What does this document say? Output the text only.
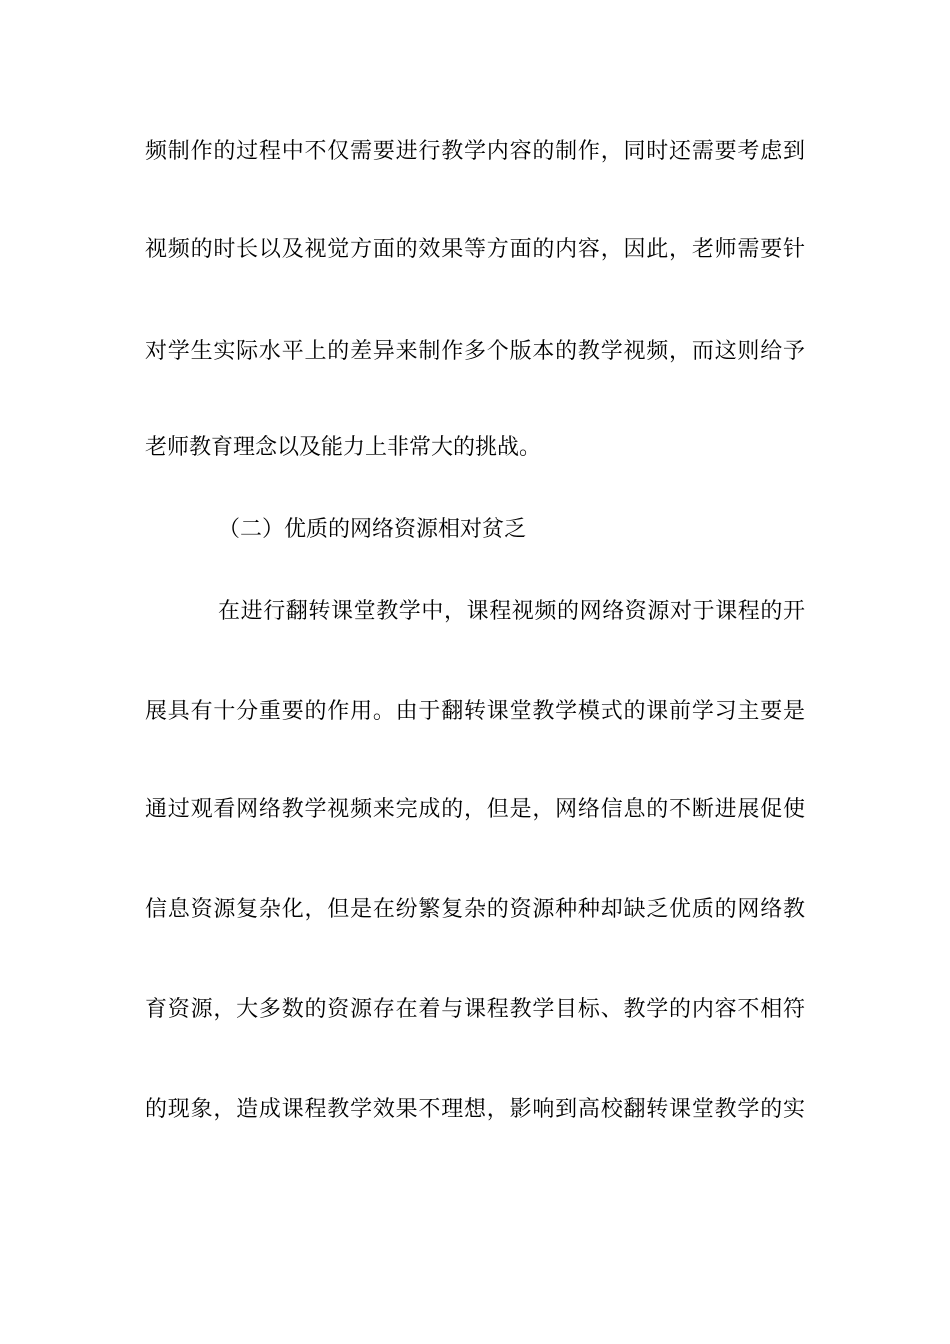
频制作的过程中不仅需要进行教学内容的制作，同时还需要考虑到
视频的时长以及视觉方面的效果等方面的内容，因此，老师需要针
对学生实际水平上的差异来制作多个版本的教学视频，而这则给予
老师教育理念以及能力上非常大的挑战。
（二）优质的网络资源相对贫乏
在进行翻转课堂教学中，课程视频的网络资源对于课程的开
展具有十分重要的作用。由于翻转课堂教学模式的课前学习主要是
通过观看网络教学视频来完成的，但是，网络信息的不断进展促使
信息资源复杂化，但是在纷繁复杂的资源种种却缺乏优质的网络教
育资源，大多数的资源存在着与课程教学目标、教学的内容不相符
的现象，造成课程教学效果不理想，影响到高校翻转课堂教学的实
